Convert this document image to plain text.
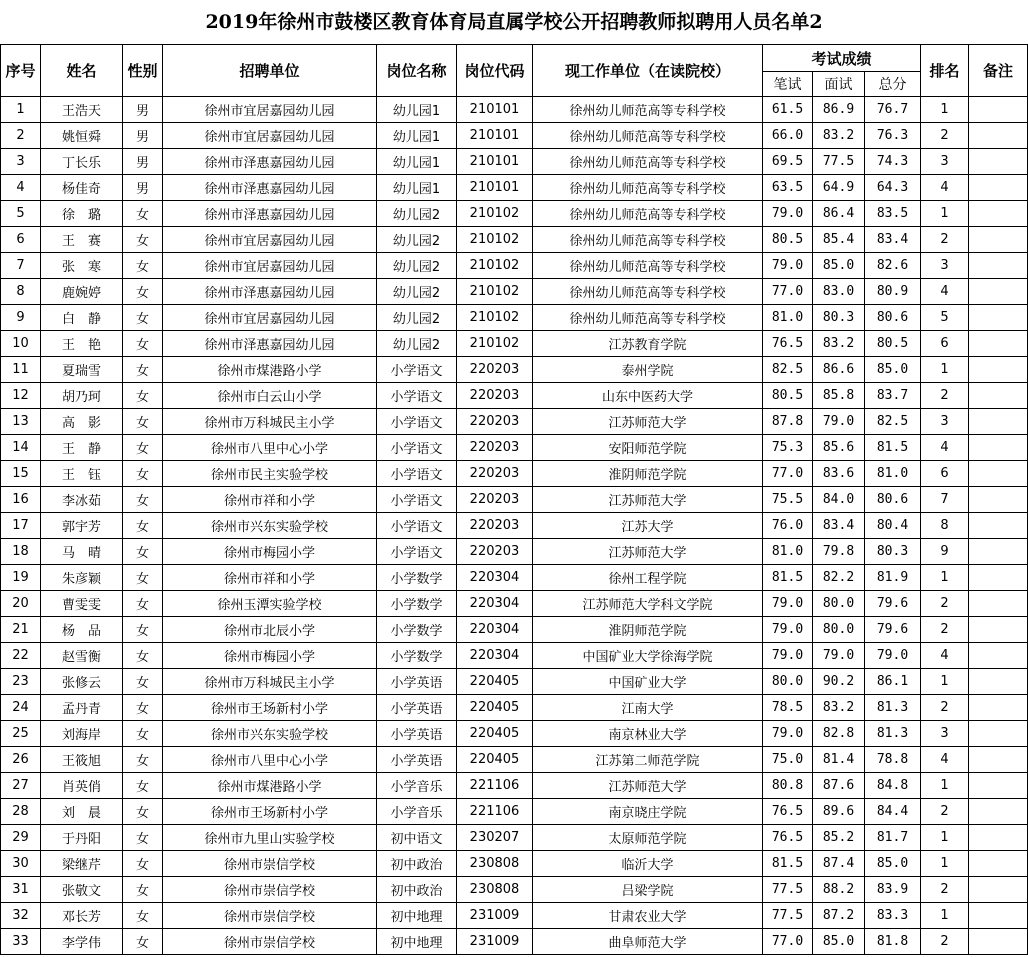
2019年徐州市鼓楼区教育体育局直属学校公开招聘教师拟聘用人员名单2
序号	姓名	性别	招聘单位	岗位名称	岗位代码	现工作单位（在读院校）	考试成绩			排名	备注
							笔试	面试	总分		
1	王浩天	男	徐州市宜居嘉园幼儿园	幼儿园1	210101	徐州幼儿师范高等专科学校	61.5	86.9	76.7	1	
2	姚恒舜	男	徐州市宜居嘉园幼儿园	幼儿园1	210101	徐州幼儿师范高等专科学校	66.0	83.2	76.3	2	
3	丁长乐	男	徐州市泽惠嘉园幼儿园	幼儿园1	210101	徐州幼儿师范高等专科学校	69.5	77.5	74.3	3	
4	杨佳奇	男	徐州市泽惠嘉园幼儿园	幼儿园1	210101	徐州幼儿师范高等专科学校	63.5	64.9	64.3	4	
5	徐　璐	女	徐州市泽惠嘉园幼儿园	幼儿园2	210102	徐州幼儿师范高等专科学校	79.0	86.4	83.5	1	
6	王　赛	女	徐州市宜居嘉园幼儿园	幼儿园2	210102	徐州幼儿师范高等专科学校	80.5	85.4	83.4	2	
7	张　寒	女	徐州市宜居嘉园幼儿园	幼儿园2	210102	徐州幼儿师范高等专科学校	79.0	85.0	82.6	3	
8	鹿婉婷	女	徐州市泽惠嘉园幼儿园	幼儿园2	210102	徐州幼儿师范高等专科学校	77.0	83.0	80.9	4	
9	白　静	女	徐州市宜居嘉园幼儿园	幼儿园2	210102	徐州幼儿师范高等专科学校	81.0	80.3	80.6	5	
10	王　艳	女	徐州市泽惠嘉园幼儿园	幼儿园2	210102	江苏教育学院	76.5	83.2	80.5	6	
11	夏瑞雪	女	徐州市煤港路小学	小学语文	220203	泰州学院	82.5	86.6	85.0	1	
12	胡乃珂	女	徐州市白云山小学	小学语文	220203	山东中医药大学	80.5	85.8	83.7	2	
13	高　影	女	徐州市万科城民主小学	小学语文	220203	江苏师范大学	87.8	79.0	82.5	3	
14	王　静	女	徐州市八里中心小学	小学语文	220203	安阳师范学院	75.3	85.6	81.5	4	
15	王　钰	女	徐州市民主实验学校	小学语文	220203	淮阴师范学院	77.0	83.6	81.0	6	
16	李冰茹	女	徐州市祥和小学	小学语文	220203	江苏师范大学	75.5	84.0	80.6	7	
17	郭宇芳	女	徐州市兴东实验学校	小学语文	220203	江苏大学	76.0	83.4	80.4	8	
18	马　晴	女	徐州市梅园小学	小学语文	220203	江苏师范大学	81.0	79.8	80.3	9	
19	朱彦颖	女	徐州市祥和小学	小学数学	220304	徐州工程学院	81.5	82.2	81.9	1	
20	曹雯雯	女	徐州玉潭实验学校	小学数学	220304	江苏师范大学科文学院	79.0	80.0	79.6	2	
21	杨　品	女	徐州市北辰小学	小学数学	220304	淮阴师范学院	79.0	80.0	79.6	2	
22	赵雪衡	女	徐州市梅园小学	小学数学	220304	中国矿业大学徐海学院	79.0	79.0	79.0	4	
23	张修云	女	徐州市万科城民主小学	小学英语	220405	中国矿业大学	80.0	90.2	86.1	1	
24	孟丹青	女	徐州市王场新村小学	小学英语	220405	江南大学	78.5	83.2	81.3	2	
25	刘海岸	女	徐州市兴东实验学校	小学英语	220405	南京林业大学	79.0	82.8	81.3	3	
26	王筱旭	女	徐州市八里中心小学	小学英语	220405	江苏第二师范学院	75.0	81.4	78.8	4	
27	肖英俏	女	徐州市煤港路小学	小学音乐	221106	江苏师范大学	80.8	87.6	84.8	1	
28	刘　晨	女	徐州市王场新村小学	小学音乐	221106	南京晓庄学院	76.5	89.6	84.4	2	
29	于丹阳	女	徐州市九里山实验学校	初中语文	230207	太原师范学院	76.5	85.2	81.7	1	
30	梁继芹	女	徐州市崇信学校	初中政治	230808	临沂大学	81.5	87.4	85.0	1	
31	张敬文	女	徐州市崇信学校	初中政治	230808	吕梁学院	77.5	88.2	83.9	2	
32	邓长芳	女	徐州市崇信学校	初中地理	231009	甘肃农业大学	77.5	87.2	83.3	1	
33	李学伟	女	徐州市崇信学校	初中地理	231009	曲阜师范大学	77.0	85.0	81.8	2	
